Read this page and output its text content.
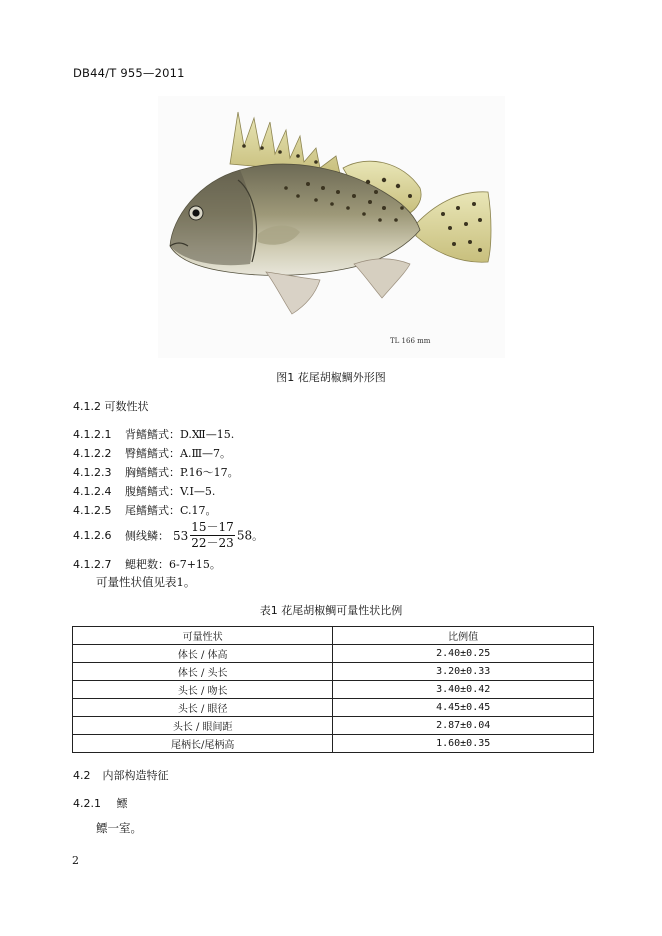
DB44/T 955—2011
TL 166 mm
图1 花尾胡椒鲷外形图
4.1.2 可数性状
4.1.2.1 背鳍鳍式：D.Ⅻ—15.
4.1.2.2 臀鳍鳍式：A.Ⅲ—7。
4.1.2.3 胸鳍鳍式：P.16～17。
4.1.2.4 腹鳍鳍式：V.Ⅰ—5.
4.1.2.5 尾鳍鳍式：C.17。
4.1.2.6 侧线鳞： $53 \frac{15-17}{22-23} 58$。
4.1.2.7 鳃耙数：6-7+15。
可量性状值见表1。
表1 花尾胡椒鲷可量性状比例
可量性状	比例值
体长 / 体高	2.40±0.25
体长 / 头长	3.20±0.33
头长 / 吻长	3.40±0.42
头长 / 眼径	4.45±0.45
头长 / 眼间距	2.87±0.04
尾柄长/尾柄高	1.60±0.35
4.2 内部构造特征
4.2.1 鳔
鳔一室。
2
